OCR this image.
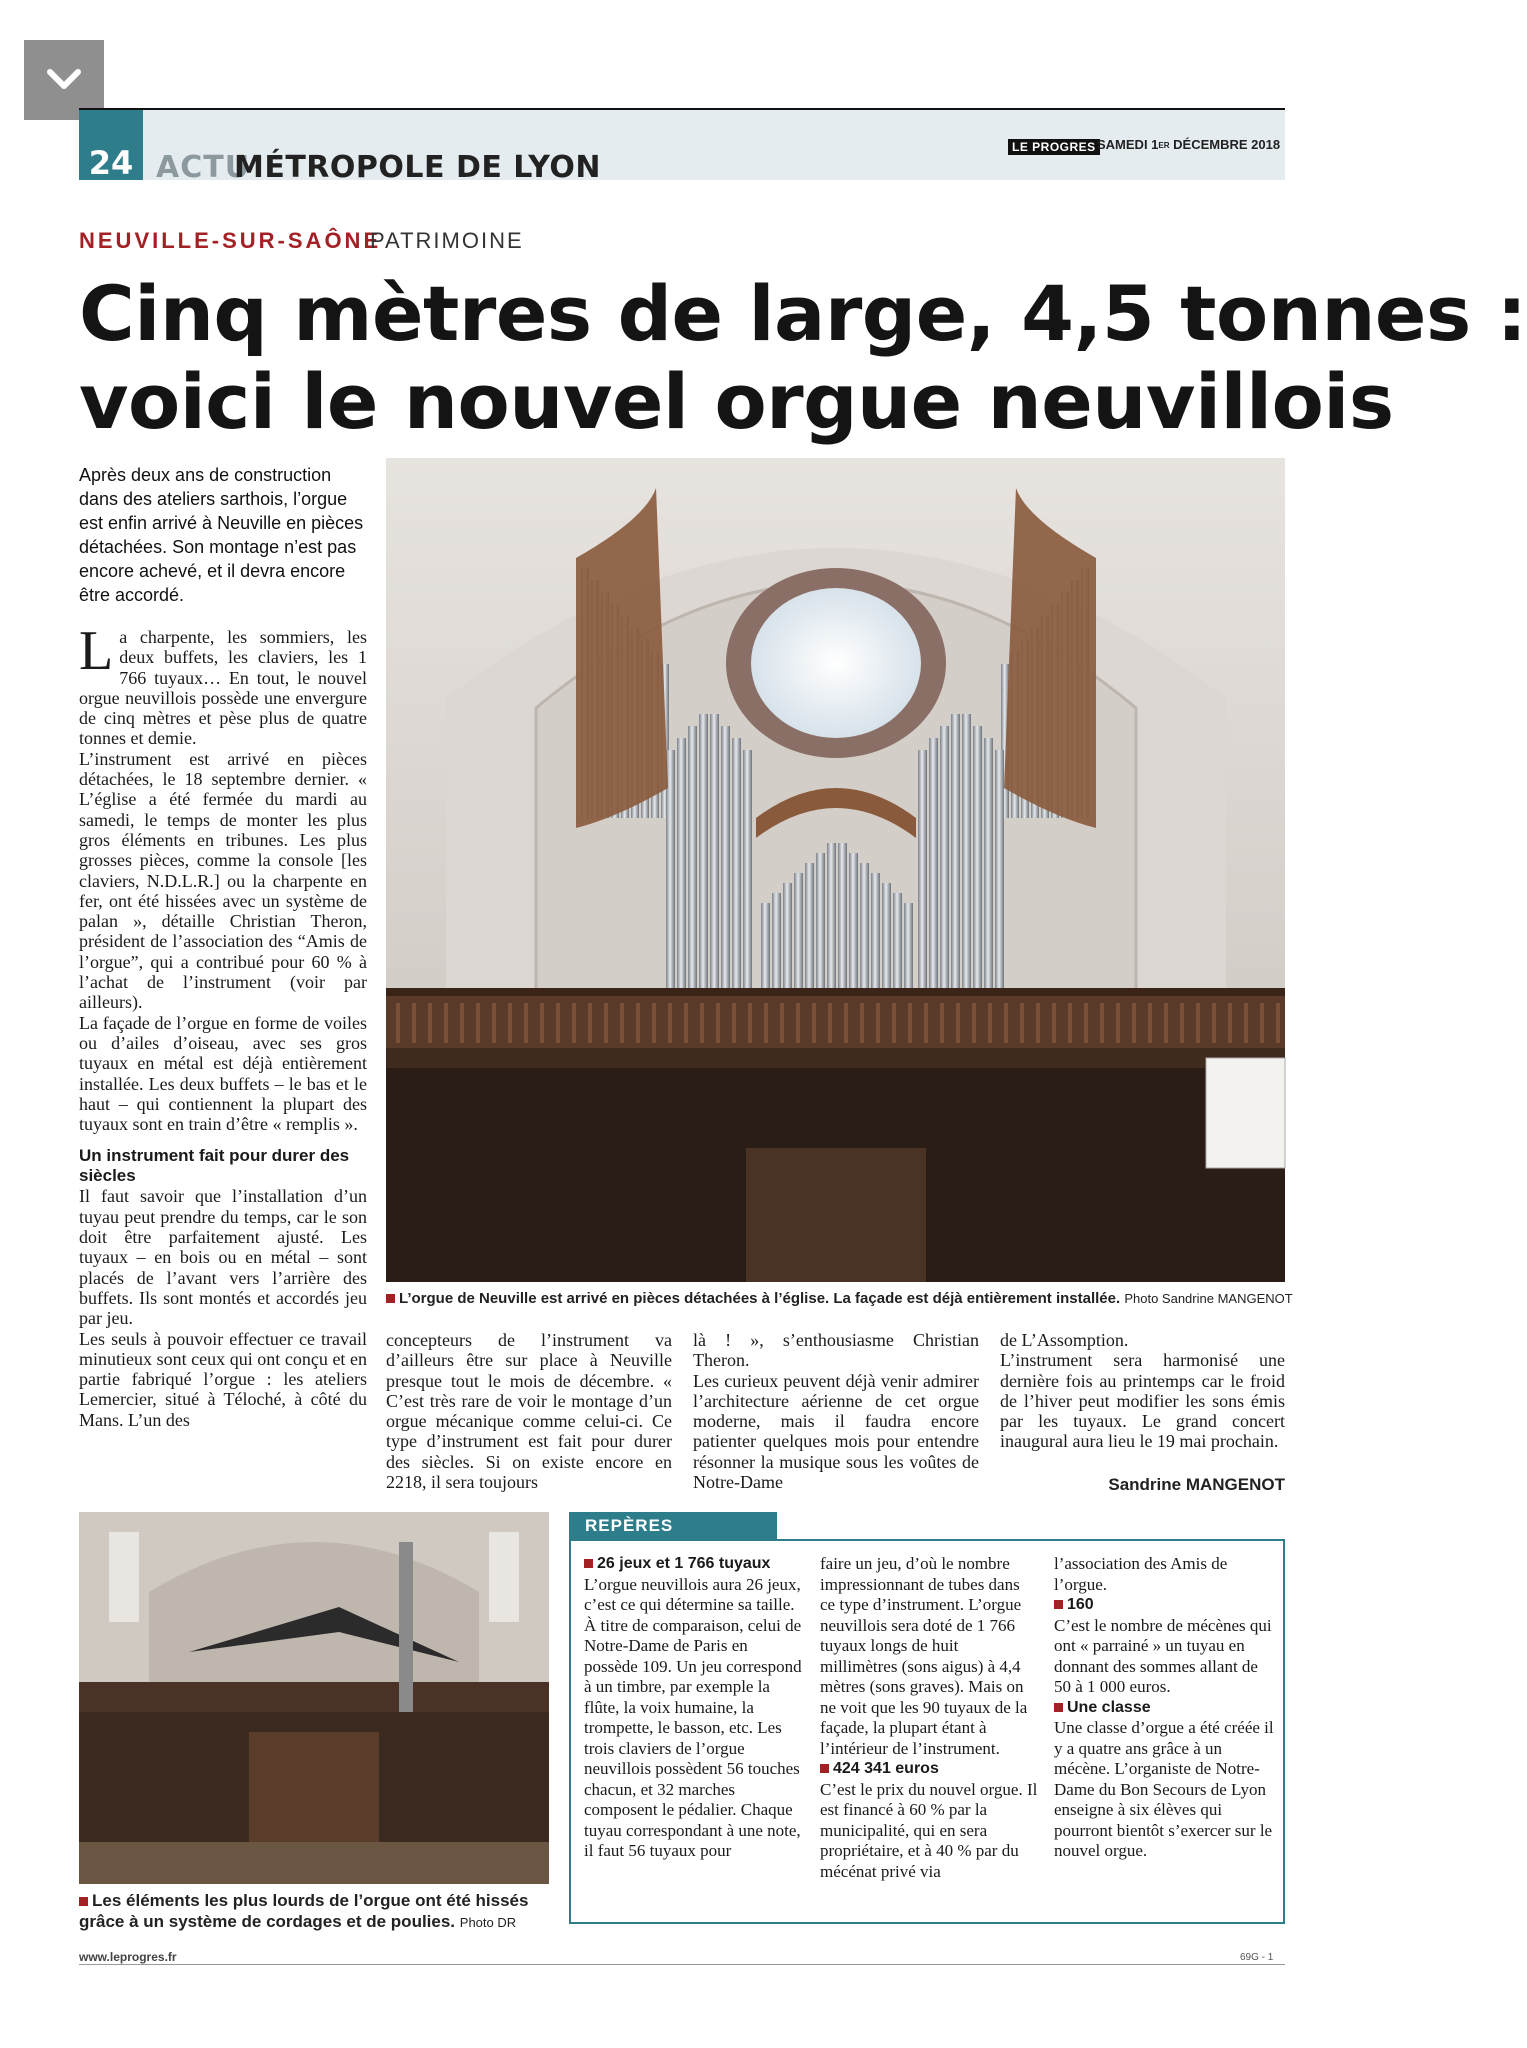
24 ACTU
MÉTROPOLE DE LYON
LE PROGRES SAMEDI 1ER DÉCEMBRE 2018
NEUVILLE-SUR-SAÔNE
PATRIMOINE
Cinq mètres de large, 4,5 tonnes :
voici le nouvel orgue neuvillois
Après deux ans de construction dans des ateliers sarthois, l’orgue est enfin arrivé à Neuville en pièces détachées. Son montage n’est pas encore achevé, et il devra encore être accordé.

La charpente, les sommiers, les deux buffets, les claviers, les 1 766 tuyaux… En tout, le nouvel orgue neuvillois possède une envergure de cinq mètres et pèse plus de quatre tonnes et demie.

L’instrument est arrivé en pièces détachées, le 18 septembre dernier. « L’église a été fermée du mardi au samedi, le temps de monter les plus gros éléments en tribunes. Les plus grosses pièces, comme la console [les claviers, N.D.L.R.] ou la charpente en fer, ont été hissées avec un système de palan », détaille Christian Theron, président de l’association des “Amis de l’orgue”, qui a contribué pour 60 % à l’achat de l’instrument (voir par ailleurs).

La façade de l’orgue en forme de voiles ou d’ailes d’oiseau, avec ses gros tuyaux en métal est déjà entièrement installée. Les deux buffets – le bas et le haut – qui contiennent la plupart des tuyaux sont en train d’être « remplis ».

Un instrument fait pour durer des siècles

Il faut savoir que l’installation d’un tuyau peut prendre du temps, car le son doit être parfaitement ajusté. Les tuyaux – en bois ou en métal – sont placés de l’avant vers l’arrière des buffets. Ils sont montés et accordés jeu par jeu.

Les seuls à pouvoir effectuer ce travail minutieux sont ceux qui ont conçu et en partie fabriqué l’orgue : les ateliers Lemercier, situé à Téloché, à côté du Mans. L’un des

L’orgue de Neuville est arrivé en pièces détachées à l’église. La façade est déjà entièrement installée. Photo Sandrine MANGENOT
concepteurs de l’instrument va d’ailleurs être sur place à Neuville presque tout le mois de décembre. « C’est très rare de voir le montage d’un orgue mécanique comme celui-ci. Ce type d’instrument est fait pour durer des siècles. Si on existe encore en 2218, il sera toujours

là ! », s’enthousiasme Christian Theron.

Les curieux peuvent déjà venir admirer l’architecture aérienne de cet orgue moderne, mais il faudra encore patienter quelques mois pour entendre résonner la musique sous les voûtes de Notre-Dame

de L’Assomption.

L’instrument sera harmonisé une dernière fois au printemps car le froid de l’hiver peut modifier les sons émis par les tuyaux. Le grand concert inaugural aura lieu le 19 mai prochain.

Sandrine MANGENOT
Les éléments les plus lourds de l’orgue ont été hissés grâce à un système de cordages et de poulies. Photo DR
REPÈRES
26 jeux et 1 766 tuyaux
L’orgue neuvillois aura 26 jeux, c’est ce qui détermine sa taille. À titre de comparaison, celui de Notre-Dame de Paris en possède 109. Un jeu correspond à un timbre, par exemple la flûte, la voix humaine, la trompette, le basson, etc. Les trois claviers de l’orgue neuvillois possèdent 56 touches chacun, et 32 marches composent le pédalier. Chaque tuyau correspondant à une note, il faut 56 tuyaux pour
faire un jeu, d’où le nombre impressionnant de tubes dans ce type d’instrument. L’orgue neuvillois sera doté de 1 766 tuyaux longs de huit millimètres (sons aigus) à 4,4 mètres (sons graves). Mais on ne voit que les 90 tuyaux de la façade, la plupart étant à l’intérieur de l’instrument.
424 341 euros
C’est le prix du nouvel orgue. Il est financé à 60 % par la municipalité, qui en sera propriétaire, et à 40 % par du mécénat privé via
l’association des Amis de l’orgue.
160
C’est le nombre de mécènes qui ont « parrainé » un tuyau en donnant des sommes allant de 50 à 1 000 euros.
Une classe
Une classe d’orgue a été créée il y a quatre ans grâce à un mécène. L’organiste de Notre-Dame du Bon Secours de Lyon enseigne à six élèves qui pourront bientôt s’exercer sur le nouvel orgue.
www.leprogres.fr	69G - 1
